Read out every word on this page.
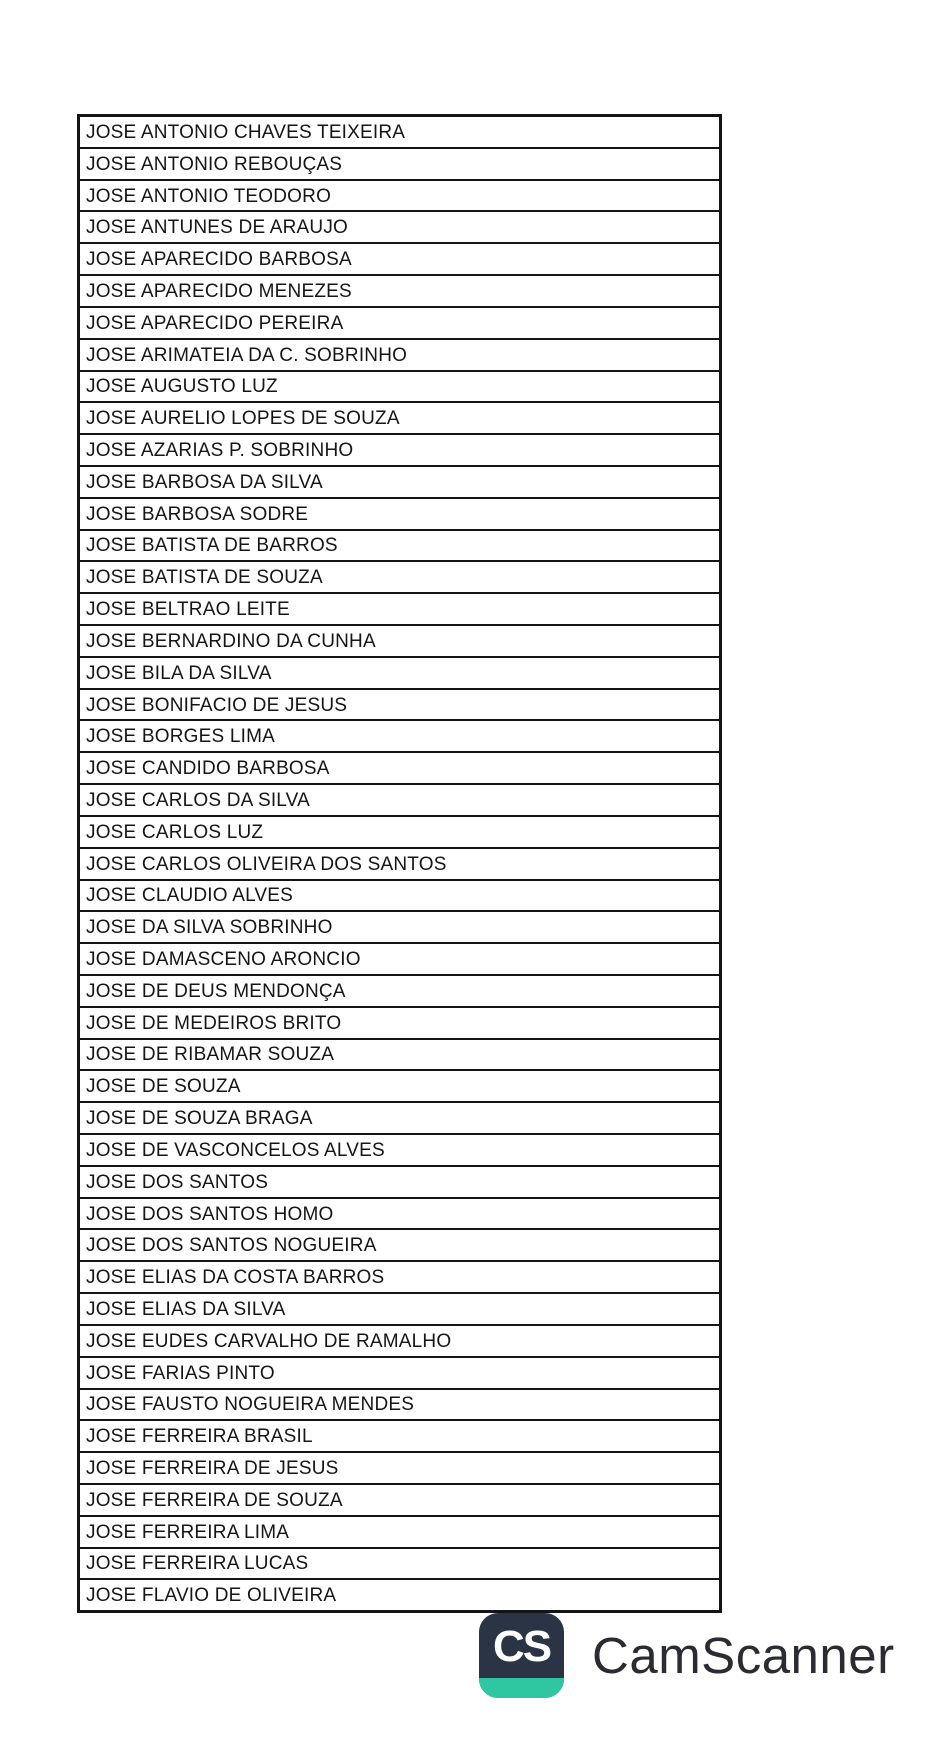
JOSE ANTONIO CHAVES TEIXEIRA
JOSE ANTONIO REBOUÇAS
JOSE ANTONIO TEODORO
JOSE ANTUNES DE ARAUJO
JOSE APARECIDO BARBOSA
JOSE APARECIDO MENEZES
JOSE APARECIDO PEREIRA
JOSE ARIMATEIA DA C. SOBRINHO
JOSE AUGUSTO LUZ
JOSE AURELIO LOPES DE SOUZA
JOSE AZARIAS P. SOBRINHO
JOSE BARBOSA DA SILVA
JOSE BARBOSA SODRE
JOSE BATISTA DE BARROS
JOSE BATISTA DE SOUZA
JOSE BELTRAO LEITE
JOSE BERNARDINO DA CUNHA
JOSE BILA DA SILVA
JOSE BONIFACIO DE JESUS
JOSE BORGES LIMA
JOSE CANDIDO BARBOSA
JOSE CARLOS DA SILVA
JOSE CARLOS LUZ
JOSE CARLOS OLIVEIRA DOS SANTOS
JOSE CLAUDIO ALVES
JOSE DA SILVA SOBRINHO
JOSE DAMASCENO ARONCIO
JOSE DE DEUS MENDONÇA
JOSE DE MEDEIROS BRITO
JOSE DE RIBAMAR SOUZA
JOSE DE SOUZA
JOSE DE SOUZA BRAGA
JOSE DE VASCONCELOS ALVES
JOSE DOS SANTOS
JOSE DOS SANTOS HOMO
JOSE DOS SANTOS NOGUEIRA
JOSE ELIAS DA COSTA BARROS
JOSE ELIAS DA SILVA
JOSE EUDES CARVALHO DE RAMALHO
JOSE FARIAS PINTO
JOSE FAUSTO NOGUEIRA MENDES
JOSE FERREIRA BRASIL
JOSE FERREIRA DE JESUS
JOSE FERREIRA DE SOUZA
JOSE FERREIRA LIMA
JOSE FERREIRA LUCAS
JOSE FLAVIO DE OLIVEIRA
CS CamScanner
